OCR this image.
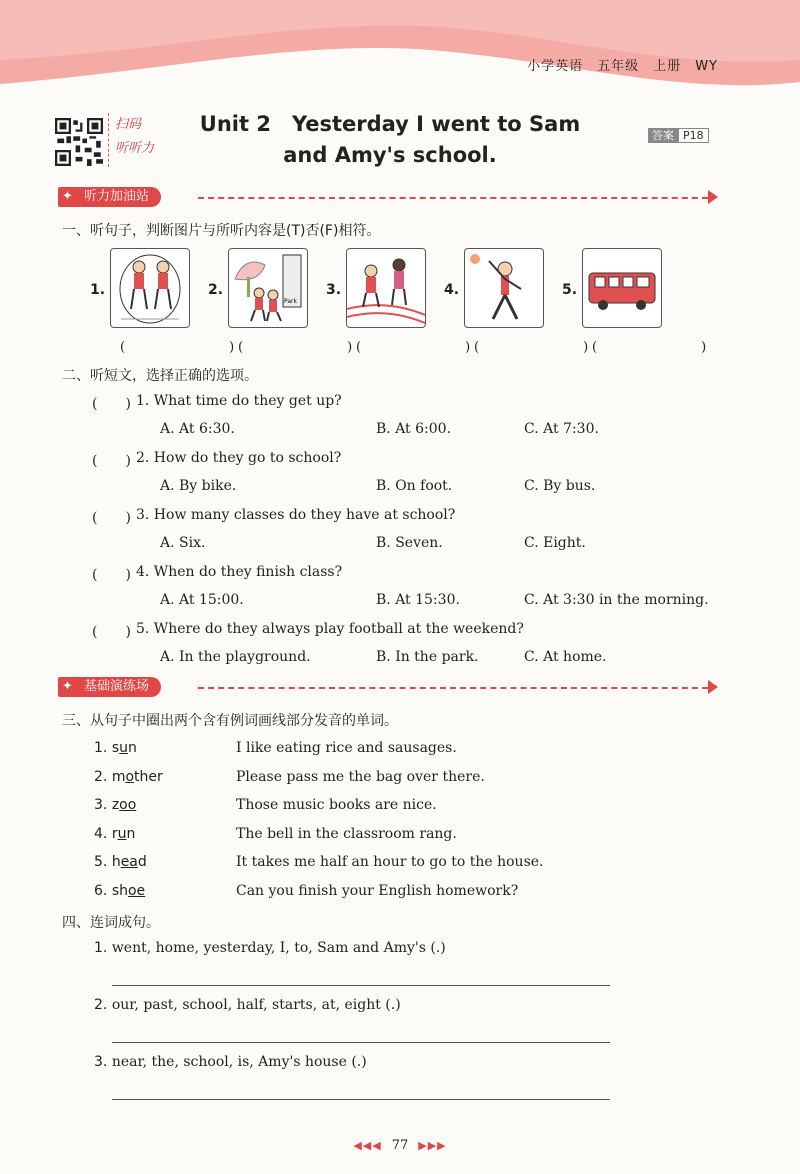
小学英语 五年级 上册 WY
扫码
听听力
Unit 2　Yesterday I went to Sam
and Amy's school.
答案 P18
✦ 听力加油站
一、听句子，判断图片与所听内容是(T)否(F)相符。
1.
(　　)
2.
Park
(　　)
3.
(　　)
4.
(　　)
5.
(　　)
二、听短文，选择正确的选项。
(　　) 1. What time do they get up?
A. At 6:30.	B. At 6:00.	C. At 7:30.
(　　) 2. How do they go to school?
A. By bike.	B. On foot.	C. By bus.
(　　) 3. How many classes do they have at school?
A. Six.	B. Seven.	C. Eight.
(　　) 4. When do they finish class?
A. At 15:00.	B. At 15:30.	C. At 3:30 in the morning.
(　　) 5. Where do they always play football at the weekend?
A. In the playground.	B. In the park.	C. At home.
✦ 基础演练场
三、从句子中圈出两个含有例词画线部分发音的单词。
1. sun	I like eating rice and sausages.
2. mother	Please pass me the bag over there.
3. zoo	Those music books are nice.
4. run	The bell in the classroom rang.
5. head	It takes me half an hour to go to the house.
6. shoe	Can you finish your English homework?
四、连词成句。
1. went, home, yesterday, I, to, Sam and Amy's (.)
2. our, past, school, half, starts, at, eight (.)
3. near, the, school, is, Amy's house (.)
◀◀◀ 77 ▶▶▶
